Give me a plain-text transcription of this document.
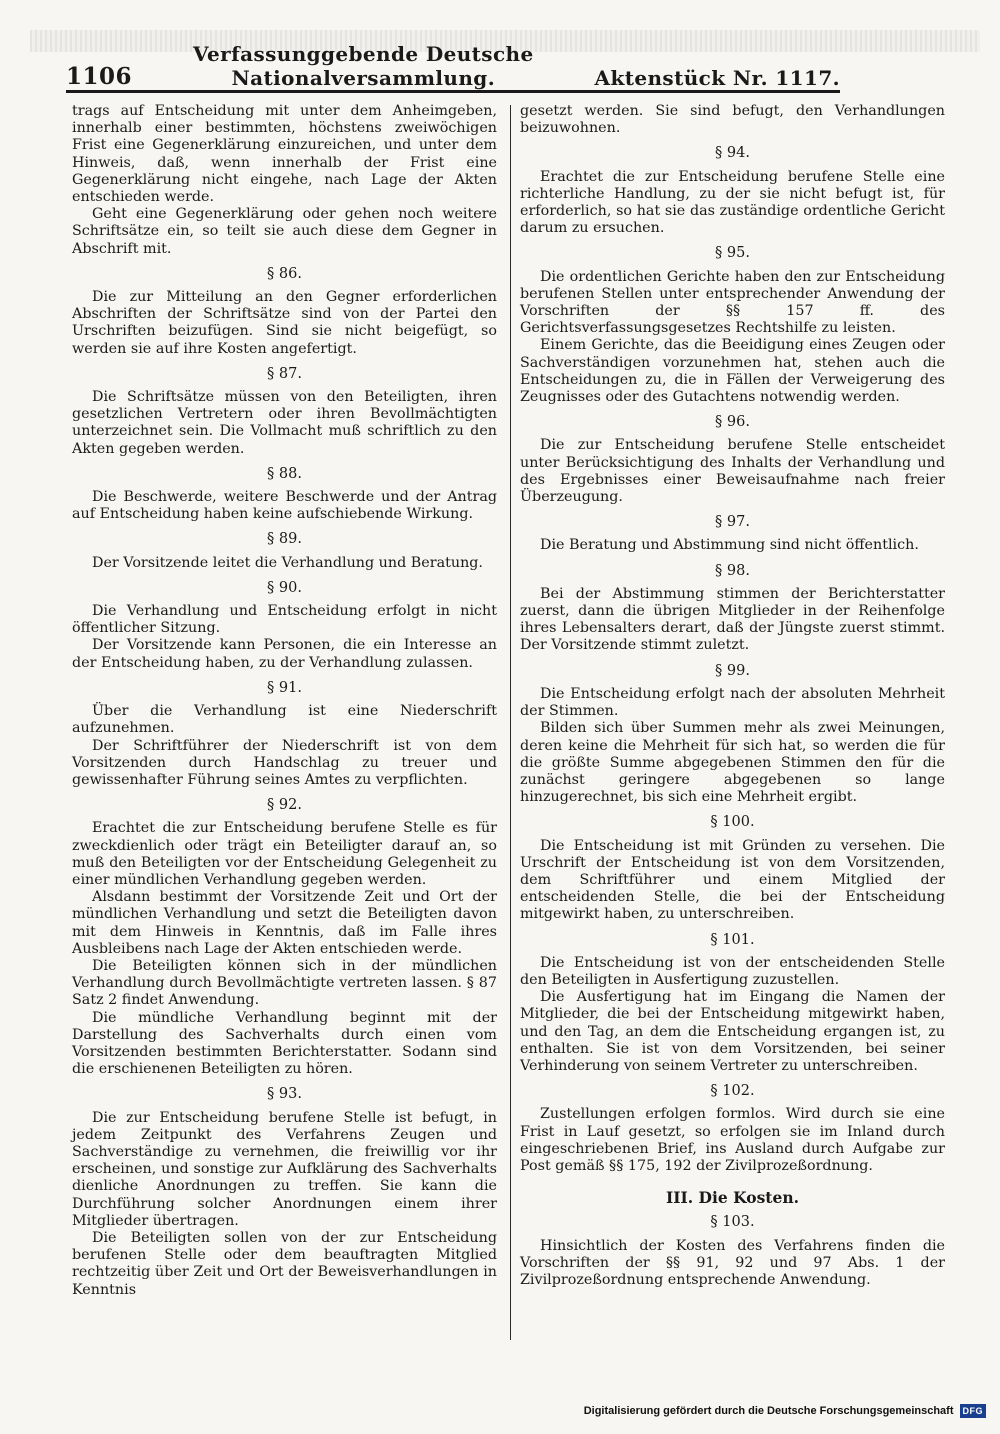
1106
Verfassunggebende Deutsche Nationalversammlung.	Aktenstück Nr. 1117.

trags auf Entscheidung mit unter dem Anheimgeben, innerhalb einer bestimmten, höchstens zweiwöchigen Frist eine Gegenerklärung einzureichen, und unter dem Hinweis, daß, wenn innerhalb der Frist eine Gegenerklärung nicht eingehe, nach Lage der Akten entschieden werde.

Geht eine Gegenerklärung oder gehen noch weitere Schriftsätze ein, so teilt sie auch diese dem Gegner in Abschrift mit.

§ 86.

Die zur Mitteilung an den Gegner erforderlichen Abschriften der Schriftsätze sind von der Partei den Urschriften beizufügen. Sind sie nicht beigefügt, so werden sie auf ihre Kosten angefertigt.

§ 87.

Die Schriftsätze müssen von den Beteiligten, ihren gesetzlichen Vertretern oder ihren Bevollmächtigten unterzeichnet sein. Die Vollmacht muß schriftlich zu den Akten gegeben werden.

§ 88.

Die Beschwerde, weitere Beschwerde und der Antrag auf Entscheidung haben keine aufschiebende Wirkung.

§ 89.

Der Vorsitzende leitet die Verhandlung und Beratung.

§ 90.

Die Verhandlung und Entscheidung erfolgt in nicht öffentlicher Sitzung.

Der Vorsitzende kann Personen, die ein Interesse an der Entscheidung haben, zu der Verhandlung zulassen.

§ 91.

Über die Verhandlung ist eine Niederschrift aufzunehmen.

Der Schriftführer der Niederschrift ist von dem Vorsitzenden durch Handschlag zu treuer und gewissenhafter Führung seines Amtes zu verpflichten.

§ 92.

Erachtet die zur Entscheidung berufene Stelle es für zweckdienlich oder trägt ein Beteiligter darauf an, so muß den Beteiligten vor der Entscheidung Gelegenheit zu einer mündlichen Verhandlung gegeben werden.

Alsdann bestimmt der Vorsitzende Zeit und Ort der mündlichen Verhandlung und setzt die Beteiligten davon mit dem Hinweis in Kenntnis, daß im Falle ihres Ausbleibens nach Lage der Akten entschieden werde.

Die Beteiligten können sich in der mündlichen Verhandlung durch Bevollmächtigte vertreten lassen. § 87 Satz 2 findet Anwendung.

Die mündliche Verhandlung beginnt mit der Darstellung des Sachverhalts durch einen vom Vorsitzenden bestimmten Berichterstatter. Sodann sind die erschienenen Beteiligten zu hören.

§ 93.

Die zur Entscheidung berufene Stelle ist befugt, in jedem Zeitpunkt des Verfahrens Zeugen und Sachverständige zu vernehmen, die freiwillig vor ihr erscheinen, und sonstige zur Aufklärung des Sachverhalts dienliche Anordnungen zu treffen. Sie kann die Durchführung solcher Anordnungen einem ihrer Mitglieder übertragen.

Die Beteiligten sollen von der zur Entscheidung berufenen Stelle oder dem beauftragten Mitglied rechtzeitig über Zeit und Ort der Beweisverhandlungen in Kenntnis

gesetzt werden. Sie sind befugt, den Verhandlungen beizuwohnen.

§ 94.

Erachtet die zur Entscheidung berufene Stelle eine richterliche Handlung, zu der sie nicht befugt ist, für erforderlich, so hat sie das zuständige ordentliche Gericht darum zu ersuchen.

§ 95.

Die ordentlichen Gerichte haben den zur Entscheidung berufenen Stellen unter entsprechender Anwendung der Vorschriften der §§ 157 ff. des Gerichtsverfassungsgesetzes Rechtshilfe zu leisten.

Einem Gerichte, das die Beeidigung eines Zeugen oder Sachverständigen vorzunehmen hat, stehen auch die Entscheidungen zu, die in Fällen der Verweigerung des Zeugnisses oder des Gutachtens notwendig werden.

§ 96.

Die zur Entscheidung berufene Stelle entscheidet unter Berücksichtigung des Inhalts der Verhandlung und des Ergebnisses einer Beweisaufnahme nach freier Überzeugung.

§ 97.

Die Beratung und Abstimmung sind nicht öffentlich.

§ 98.

Bei der Abstimmung stimmen der Berichterstatter zuerst, dann die übrigen Mitglieder in der Reihenfolge ihres Lebensalters derart, daß der Jüngste zuerst stimmt. Der Vorsitzende stimmt zuletzt.

§ 99.

Die Entscheidung erfolgt nach der absoluten Mehrheit der Stimmen.

Bilden sich über Summen mehr als zwei Meinungen, deren keine die Mehrheit für sich hat, so werden die für die größte Summe abgegebenen Stimmen den für die zunächst geringere abgegebenen so lange hinzugerechnet, bis sich eine Mehrheit ergibt.

§ 100.

Die Entscheidung ist mit Gründen zu versehen. Die Urschrift der Entscheidung ist von dem Vorsitzenden, dem Schriftführer und einem Mitglied der entscheidenden Stelle, die bei der Entscheidung mitgewirkt haben, zu unterschreiben.

§ 101.

Die Entscheidung ist von der entscheidenden Stelle den Beteiligten in Ausfertigung zuzustellen.

Die Ausfertigung hat im Eingang die Namen der Mitglieder, die bei der Entscheidung mitgewirkt haben, und den Tag, an dem die Entscheidung ergangen ist, zu enthalten. Sie ist von dem Vorsitzenden, bei seiner Verhinderung von seinem Vertreter zu unterschreiben.

§ 102.

Zustellungen erfolgen formlos. Wird durch sie eine Frist in Lauf gesetzt, so erfolgen sie im Inland durch eingeschriebenen Brief, ins Ausland durch Aufgabe zur Post gemäß §§ 175, 192 der Zivilprozeßordnung.

III. Die Kosten.
§ 103.

Hinsichtlich der Kosten des Verfahrens finden die Vorschriften der §§ 91, 92 und 97 Abs. 1 der Zivilprozeßordnung entsprechende Anwendung.

Digitalisierung gefördert durch die Deutsche Forschungsgemeinschaft	DFG
